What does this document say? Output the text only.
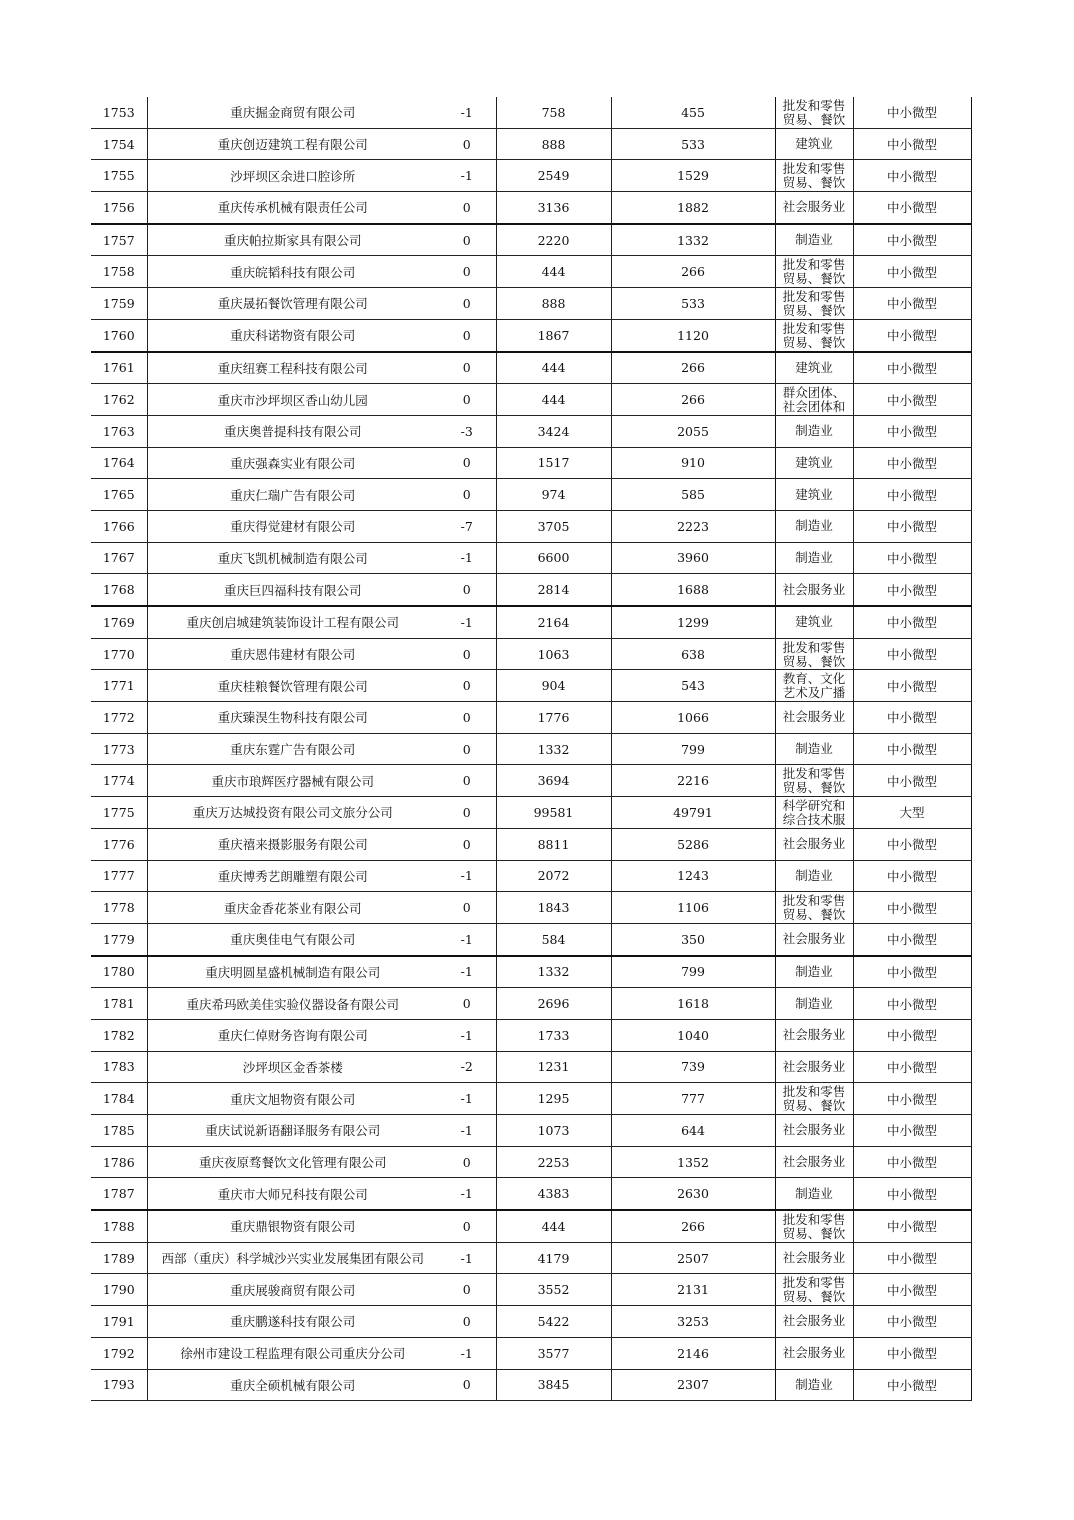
1753	重庆掘金商贸有限公司	-1	758	455	批发和零售贸易、餐饮	中小微型
1754	重庆创迈建筑工程有限公司	0	888	533	建筑业	中小微型
1755	沙坪坝区余进口腔诊所	-1	2549	1529	批发和零售贸易、餐饮	中小微型
1756	重庆传承机械有限责任公司	0	3136	1882	社会服务业	中小微型
1757	重庆帕拉斯家具有限公司	0	2220	1332	制造业	中小微型
1758	重庆皖韬科技有限公司	0	444	266	批发和零售贸易、餐饮	中小微型
1759	重庆晟拓餐饮管理有限公司	0	888	533	批发和零售贸易、餐饮	中小微型
1760	重庆科诺物资有限公司	0	1867	1120	批发和零售贸易、餐饮	中小微型
1761	重庆纽赛工程科技有限公司	0	444	266	建筑业	中小微型
1762	重庆市沙坪坝区香山幼儿园	0	444	266	群众团体、社会团体和	中小微型
1763	重庆奥普提科技有限公司	-3	3424	2055	制造业	中小微型
1764	重庆强森实业有限公司	0	1517	910	建筑业	中小微型
1765	重庆仁瑞广告有限公司	0	974	585	建筑业	中小微型
1766	重庆得觉建材有限公司	-7	3705	2223	制造业	中小微型
1767	重庆飞凯机械制造有限公司	-1	6600	3960	制造业	中小微型
1768	重庆巨四福科技有限公司	0	2814	1688	社会服务业	中小微型
1769	重庆创启城建筑装饰设计工程有限公司	-1	2164	1299	建筑业	中小微型
1770	重庆恩伟建材有限公司	0	1063	638	批发和零售贸易、餐饮	中小微型
1771	重庆桂粮餐饮管理有限公司	0	904	543	教育、文化艺术及广播	中小微型
1772	重庆臻淏生物科技有限公司	0	1776	1066	社会服务业	中小微型
1773	重庆东霆广告有限公司	0	1332	799	制造业	中小微型
1774	重庆市琅辉医疗器械有限公司	0	3694	2216	批发和零售贸易、餐饮	中小微型
1775	重庆万达城投资有限公司文旅分公司	0	99581	49791	科学研究和综合技术服	大型
1776	重庆禧来摄影服务有限公司	0	8811	5286	社会服务业	中小微型
1777	重庆博秀艺朗雕塑有限公司	-1	2072	1243	制造业	中小微型
1778	重庆金香花茶业有限公司	0	1843	1106	批发和零售贸易、餐饮	中小微型
1779	重庆奥佳电气有限公司	-1	584	350	社会服务业	中小微型
1780	重庆明圆星盛机械制造有限公司	-1	1332	799	制造业	中小微型
1781	重庆希玛欧美佳实验仪器设备有限公司	0	2696	1618	制造业	中小微型
1782	重庆仁倬财务咨询有限公司	-1	1733	1040	社会服务业	中小微型
1783	沙坪坝区金香茶楼	-2	1231	739	社会服务业	中小微型
1784	重庆文旭物资有限公司	-1	1295	777	批发和零售贸易、餐饮	中小微型
1785	重庆试说新语翻译服务有限公司	-1	1073	644	社会服务业	中小微型
1786	重庆夜原骛餐饮文化管理有限公司	0	2253	1352	社会服务业	中小微型
1787	重庆市大师兄科技有限公司	-1	4383	2630	制造业	中小微型
1788	重庆鼎银物资有限公司	0	444	266	批发和零售贸易、餐饮	中小微型
1789	西部（重庆）科学城沙兴实业发展集团有限公司	-1	4179	2507	社会服务业	中小微型
1790	重庆展骏商贸有限公司	0	3552	2131	批发和零售贸易、餐饮	中小微型
1791	重庆鹏遂科技有限公司	0	5422	3253	社会服务业	中小微型
1792	徐州市建设工程监理有限公司重庆分公司	-1	3577	2146	社会服务业	中小微型
1793	重庆全硕机械有限公司	0	3845	2307	制造业	中小微型
